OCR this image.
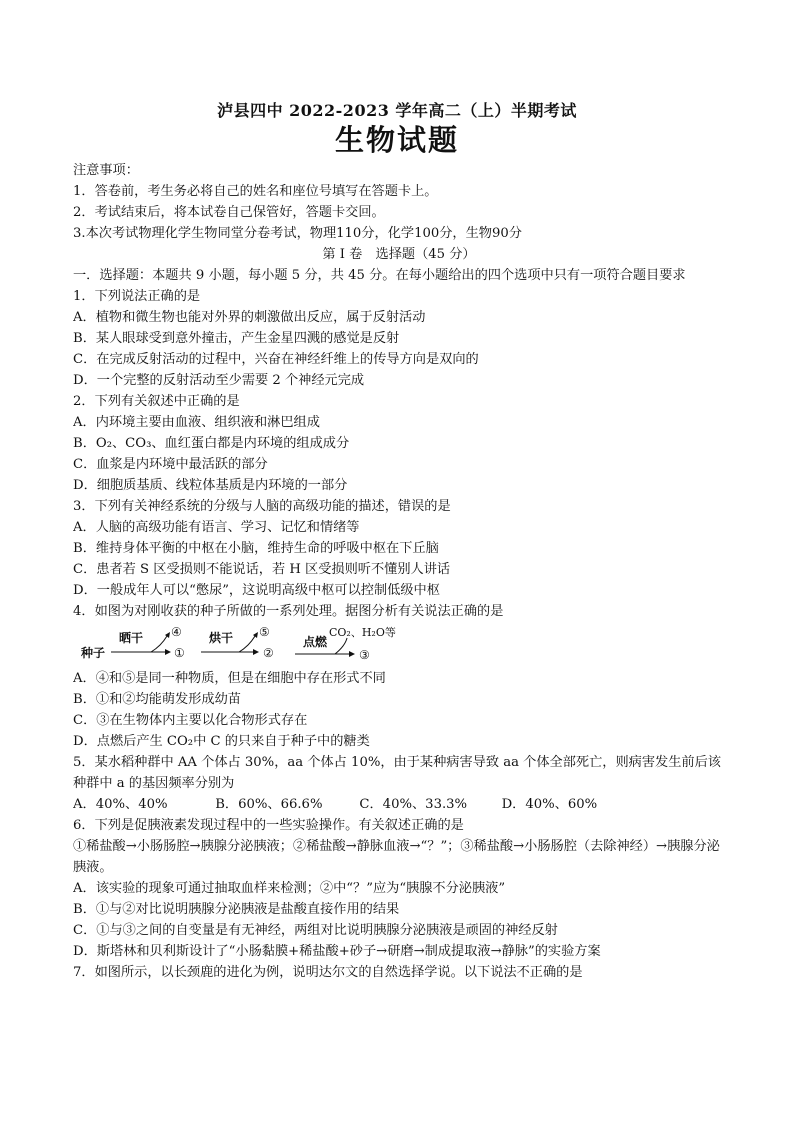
泸县四中 2022-2023 学年高二（上）半期考试
生物试题
注意事项：
1．答卷前，考生务必将自己的姓名和座位号填写在答题卡上。
2．考试结束后，将本试卷自己保管好，答题卡交回。
3.本次考试物理化学生物同堂分卷考试，物理110分，化学100分，生物90分
第 I 卷　选择题（45 分）
一．选择题：本题共 9 小题，每小题 5 分，共 45 分。在每小题给出的四个选项中只有一项符合题目要求
1．下列说法正确的是
A．植物和微生物也能对外界的刺激做出反应，属于反射活动
B．某人眼球受到意外撞击，产生金星四溅的感觉是反射
C．在完成反射活动的过程中，兴奋在神经纤维上的传导方向是双向的
D．一个完整的反射活动至少需要 2 个神经元完成
2．下列有关叙述中正确的是
A．内环境主要由血液、组织液和淋巴组成
B．O₂、CO₃、血红蛋白都是内环境的组成成分
C．血浆是内环境中最活跃的部分
D．细胞质基质、线粒体基质是内环境的一部分
3．下列有关神经系统的分级与人脑的高级功能的描述，错误的是
A．人脑的高级功能有语言、学习、记忆和情绪等
B．维持身体平衡的中枢在小脑，维持生命的呼吸中枢在下丘脑
C．患者若 S 区受损则不能说话，若 H 区受损则听不懂别人讲话
D．一般成年人可以“憋尿”，这说明高级中枢可以控制低级中枢
4．如图为对刚收获的种子所做的一系列处理。据图分析有关说法正确的是
种子
晒干 ④
①
烘干 ⑤
②
点燃
CO₂、H₂O等
③
A．④和⑤是同一种物质，但是在细胞中存在形式不同
B．①和②均能萌发形成幼苗
C．③在生物体内主要以化合物形式存在
D．点燃后产生 CO₂中 C 的只来自于种子中的糖类
5．某水稻种群中 AA 个体占 30%，aa 个体占 10%，由于某种病害导致 aa 个体全部死亡，则病害发生前后该种群中 a 的基因频率分别为
A．40%、40%	B．60%、66.6%	C．40%、33.3%	D．40%、60%
6．下列是促胰液素发现过程中的一些实验操作。有关叙述正确的是
①稀盐酸→小肠肠腔→胰腺分泌胰液；②稀盐酸→静脉血液→“？”；③稀盐酸→小肠肠腔（去除神经）→胰腺分泌胰液。
A．该实验的现象可通过抽取血样来检测；②中“？”应为“胰腺不分泌胰液”
B．①与②对比说明胰腺分泌胰液是盐酸直接作用的结果
C．①与③之间的自变量是有无神经，两组对比说明胰腺分泌胰液是顽固的神经反射
D．斯塔林和贝利斯设计了“小肠黏膜+稀盐酸+砂子→研磨→制成提取液→静脉”的实验方案
7．如图所示，以长颈鹿的进化为例，说明达尔文的自然选择学说。以下说法不正确的是
